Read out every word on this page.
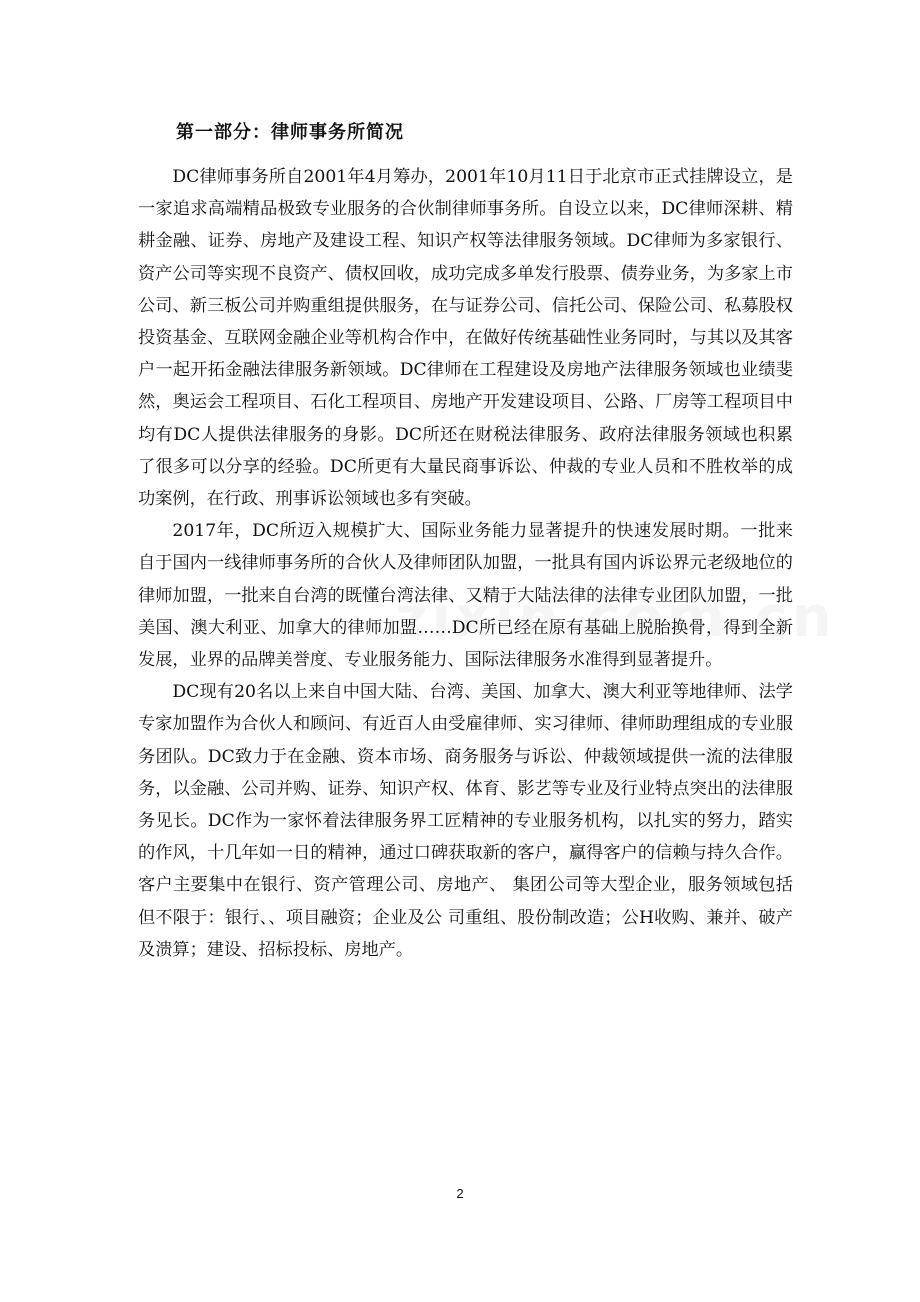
第一部分：律师事务所简况

DC律师事务所自2001年4月筹办，2001年10月11日于北京市正式挂牌设立，是一家追求高端精品极致专业服务的合伙制律师事务所。自设立以来，DC律师深耕、精耕金融、证券、房地产及建设工程、知识产权等法律服务领域。DC律师为多家银行、资产公司等实现不良资产、债权回收，成功完成多单发行股票、债券业务，为多家上市公司、新三板公司并购重组提供服务，在与证券公司、信托公司、保险公司、私募股权投资基金、互联网金融企业等机构合作中，在做好传统基础性业务同时，与其以及其客户一起开拓金融法律服务新领域。DC律师在工程建设及房地产法律服务领域也业绩斐然，奥运会工程项目、石化工程项目、房地产开发建设项目、公路、厂房等工程项目中均有DC人提供法律服务的身影。DC所还在财税法律服务、政府法律服务领域也积累了很多可以分享的经验。DC所更有大量民商事诉讼、仲裁的专业人员和不胜枚举的成功案例，在行政、刑事诉讼领域也多有突破。

2017年，DC所迈入规模扩大、国际业务能力显著提升的快速发展时期。一批来自于国内一线律师事务所的合伙人及律师团队加盟，一批具有国内诉讼界元老级地位的律师加盟，一批来自台湾的既懂台湾法律、又精于大陆法律的法律专业团队加盟，一批美国、澳大利亚、加拿大的律师加盟……DC所已经在原有基础上脱胎换骨，得到全新发展，业界的品牌美誉度、专业服务能力、国际法律服务水准得到显著提升。

DC现有20名以上来自中国大陆、台湾、美国、加拿大、澳大利亚等地律师、法学专家加盟作为合伙人和顾问、有近百人由受雇律师、实习律师、律师助理组成的专业服务团队。DC致力于在金融、资本市场、商务服务与诉讼、仲裁领域提供一流的法律服务，以金融、公司并购、证券、知识产权、体育、影艺等专业及行业特点突出的法律服务见长。DC作为一家怀着法律服务界工匠精神的专业服务机构，以扎实的努力，踏实的作风，十几年如一日的精神，通过口碑获取新的客户，赢得客户的信赖与持久合作。客户主要集中在银行、资产管理公司、房地产、 集团公司等大型企业，服务领域包括但不限于：银行、、项目融资；企业及公 司重组、股份制改造；公H收购、兼并、破产及溃算；建设、招标投标、房地产。

2
